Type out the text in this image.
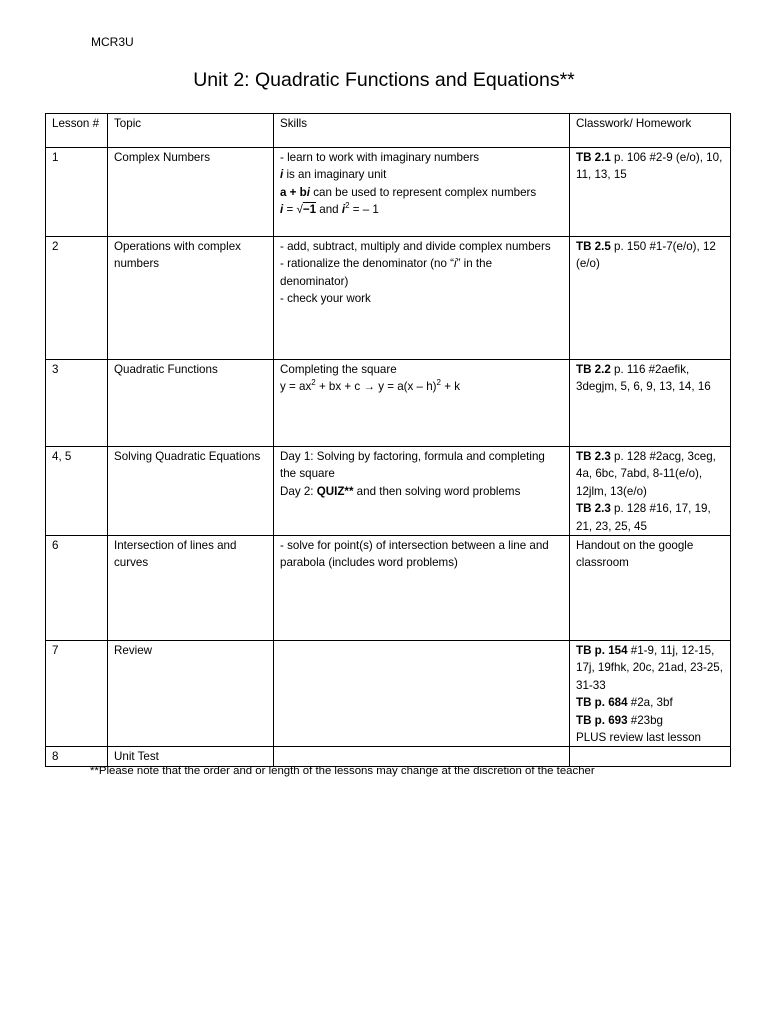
MCR3U
Unit 2: Quadratic Functions and Equations**
Lesson #	Topic	Skills	Classwork/ Homework
1	Complex Numbers	- learn to work with imaginary numbers
i is an imaginary unit
a + bi can be used to represent complex numbers
i = √−1 and $i^2$ = – 1	TB 2.1 p. 106 #2-9 (e/o), 10, 11, 13, 15

2	Operations with complex numbers	- add, subtract, multiply and divide complex numbers
- rationalize the denominator (no “i” in the denominator)
- check your work	TB 2.5 p. 150 #1-7(e/o), 12 (e/o)

3	Quadratic Functions	Completing the square
$y = ax^2$ + bx + c → y = a(x – h)$^2$ + k	TB 2.2 p. 116 #2aefik, 3degjm, 5, 6, 9, 13, 14, 16

4, 5	Solving Quadratic Equations	Day 1: Solving by factoring, formula and completing the square
Day 2: QUIZ** and then solving word problems	TB 2.3 p. 128 #2acg, 3ceg, 4a, 6bc, 7abd, 8-11(e/o), 12jlm, 13(e/o)
TB 2.3 p. 128 #16, 17, 19, 21, 23, 25, 45

6	Intersection of lines and curves	- solve for point(s) of intersection between a line and parabola (includes word problems)	Handout on the google classroom

7	Review		TB p. 154 #1-9, 11j, 12-15, 17j, 19fhk, 20c, 21ad, 23-25, 31-33
TB p. 684 #2a, 3bf
TB p. 693 #23bg
PLUS review last lesson

8	Unit Test		
**Please note that the order and or length of the lessons may change at the discretion of the teacher
